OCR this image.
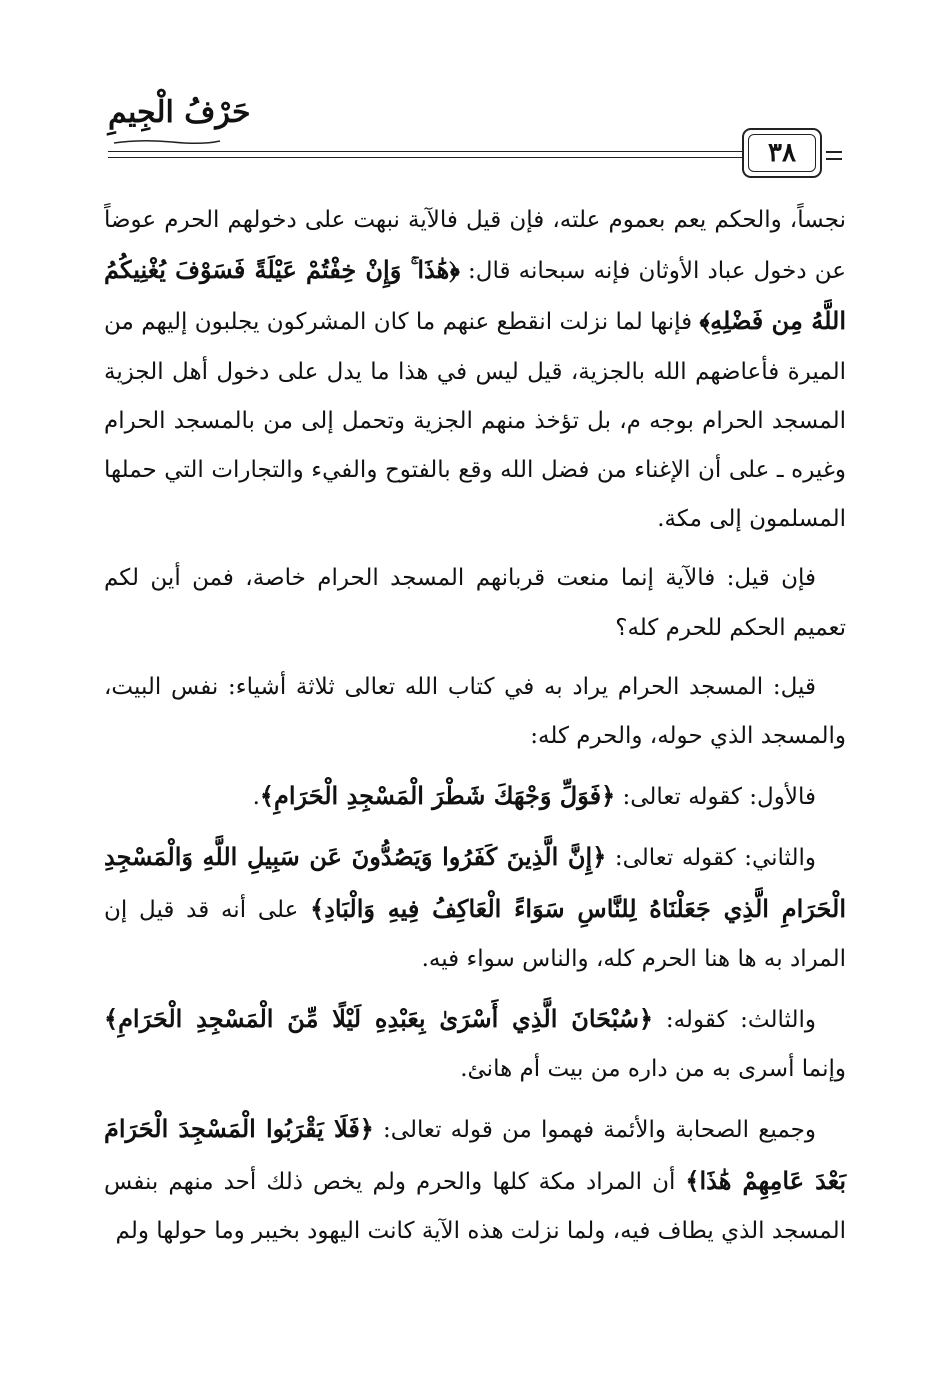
حَرْفُ الْجِيمِ
٣٨

نجساً، والحكم يعم بعموم علته، فإن قيل فالآية نبهت على دخولهم الحرم عوضاً عن دخول عباد الأوثان فإنه سبحانه قال: ﴿هَٰذَا ۚ وَإِنْ خِفْتُمْ عَيْلَةً فَسَوْفَ يُغْنِيكُمُ اللَّهُ مِن فَضْلِهِ﴾ فإنها لما نزلت انقطع عنهم ما كان المشركون يجلبون إليهم من الميرة فأعاضهم الله بالجزية، قيل ليس في هذا ما يدل على دخول أهل الجزية المسجد الحرام بوجه م، بل تؤخذ منهم الجزية وتحمل إلى من بالمسجد الحرام وغيره ـ على أن الإغناء من فضل الله وقع بالفتوح والفيء والتجارات التي حملها المسلمون إلى مكة.

فإن قيل: فالآية إنما منعت قربانهم المسجد الحرام خاصة، فمن أين لكم تعميم الحكم للحرم كله؟

قيل: المسجد الحرام يراد به في كتاب الله تعالى ثلاثة أشياء: نفس البيت، والمسجد الذي حوله، والحرم كله:

فالأول: كقوله تعالى: ﴿فَوَلِّ وَجْهَكَ شَطْرَ الْمَسْجِدِ الْحَرَامِ﴾.

والثاني: كقوله تعالى: ﴿إِنَّ الَّذِينَ كَفَرُوا وَيَصُدُّونَ عَن سَبِيلِ اللَّهِ وَالْمَسْجِدِ الْحَرَامِ الَّذِي جَعَلْنَاهُ لِلنَّاسِ سَوَاءً الْعَاكِفُ فِيهِ وَالْبَادِ﴾ على أنه قد قيل إن المراد به ها هنا الحرم كله، والناس سواء فيه.

والثالث: كقوله: ﴿سُبْحَانَ الَّذِي أَسْرَىٰ بِعَبْدِهِ لَيْلًا مِّنَ الْمَسْجِدِ الْحَرَامِ﴾ وإنما أسرى به من داره من بيت أم هانئ.

وجميع الصحابة والأئمة فهموا من قوله تعالى: ﴿فَلَا يَقْرَبُوا الْمَسْجِدَ الْحَرَامَ بَعْدَ عَامِهِمْ هَٰذَا﴾ أن المراد مكة كلها والحرم ولم يخص ذلك أحد منهم بنفس المسجد الذي يطاف فيه، ولما نزلت هذه الآية كانت اليهود بخيبر وما حولها ولم
